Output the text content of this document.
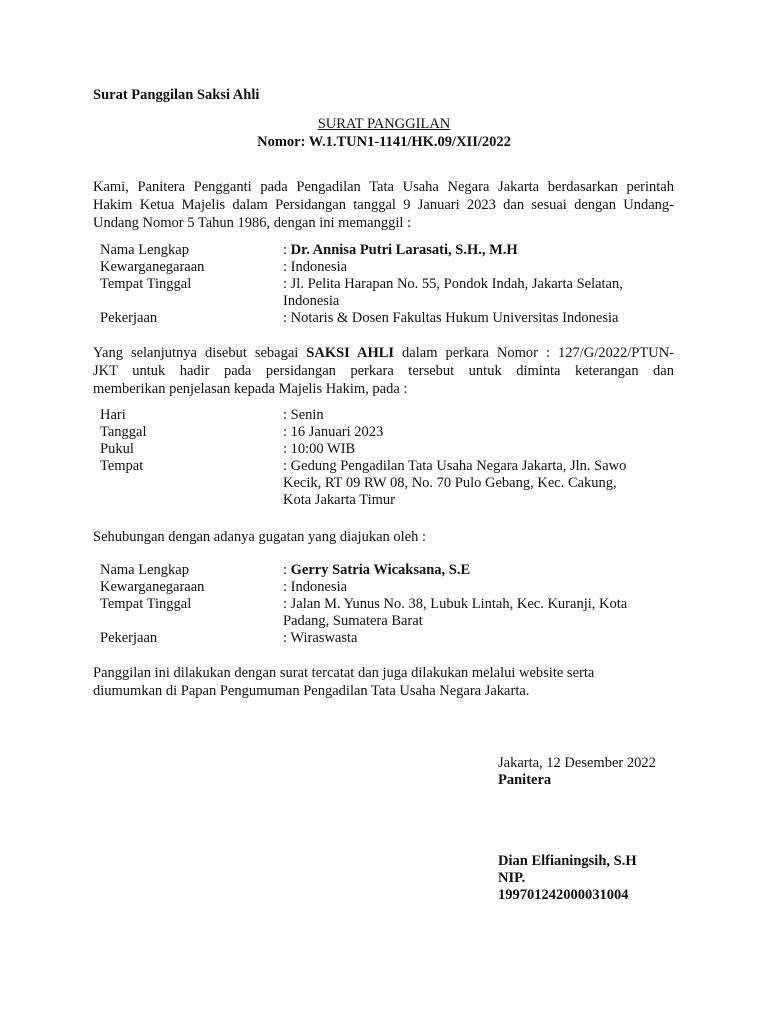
Surat Panggilan Saksi Ahli
SURAT PANGGILAN
Nomor: W.1.TUN1-1141/HK.09/XII/2022
Kami, Panitera Pengganti pada Pengadilan Tata Usaha Negara Jakarta berdasarkan perintah
Hakim Ketua Majelis dalam Persidangan tanggal 9 Januari 2023 dan sesuai dengan Undang-
Undang Nomor 5 Tahun 1986, dengan ini memanggil :
Nama Lengkap	: Dr. Annisa Putri Larasati, S.H., M.H
Kewarganegaraan	: Indonesia
Tempat Tinggal	: Jl. Pelita Harapan No. 55, Pondok Indah, Jakarta Selatan,
Indonesia
Pekerjaan	: Notaris & Dosen Fakultas Hukum Universitas Indonesia
Yang selanjutnya disebut sebagai SAKSI AHLI dalam perkara Nomor : 127/G/2022/PTUN-
JKT untuk hadir pada persidangan perkara tersebut untuk diminta keterangan dan
memberikan penjelasan kepada Majelis Hakim, pada :
Hari	: Senin
Tanggal	: 16 Januari 2023
Pukul	: 10:00 WIB
Tempat	: Gedung Pengadilan Tata Usaha Negara Jakarta, Jln. Sawo
Kecik, RT 09 RW 08, No. 70 Pulo Gebang, Kec. Cakung,
Kota Jakarta Timur
Sehubungan dengan adanya gugatan yang diajukan oleh :
Nama Lengkap	: Gerry Satria Wicaksana, S.E
Kewarganegaraan	: Indonesia
Tempat Tinggal	: Jalan M. Yunus No. 38, Lubuk Lintah, Kec. Kuranji, Kota
Padang, Sumatera Barat
Pekerjaan	: Wiraswasta
Panggilan ini dilakukan dengan surat tercatat dan juga dilakukan melalui website serta
diumumkan di Papan Pengumuman Pengadilan Tata Usaha Negara Jakarta.
Jakarta, 12 Desember 2022
Panitera
Dian Elfianingsih, S.H
NIP.
199701242000031004
